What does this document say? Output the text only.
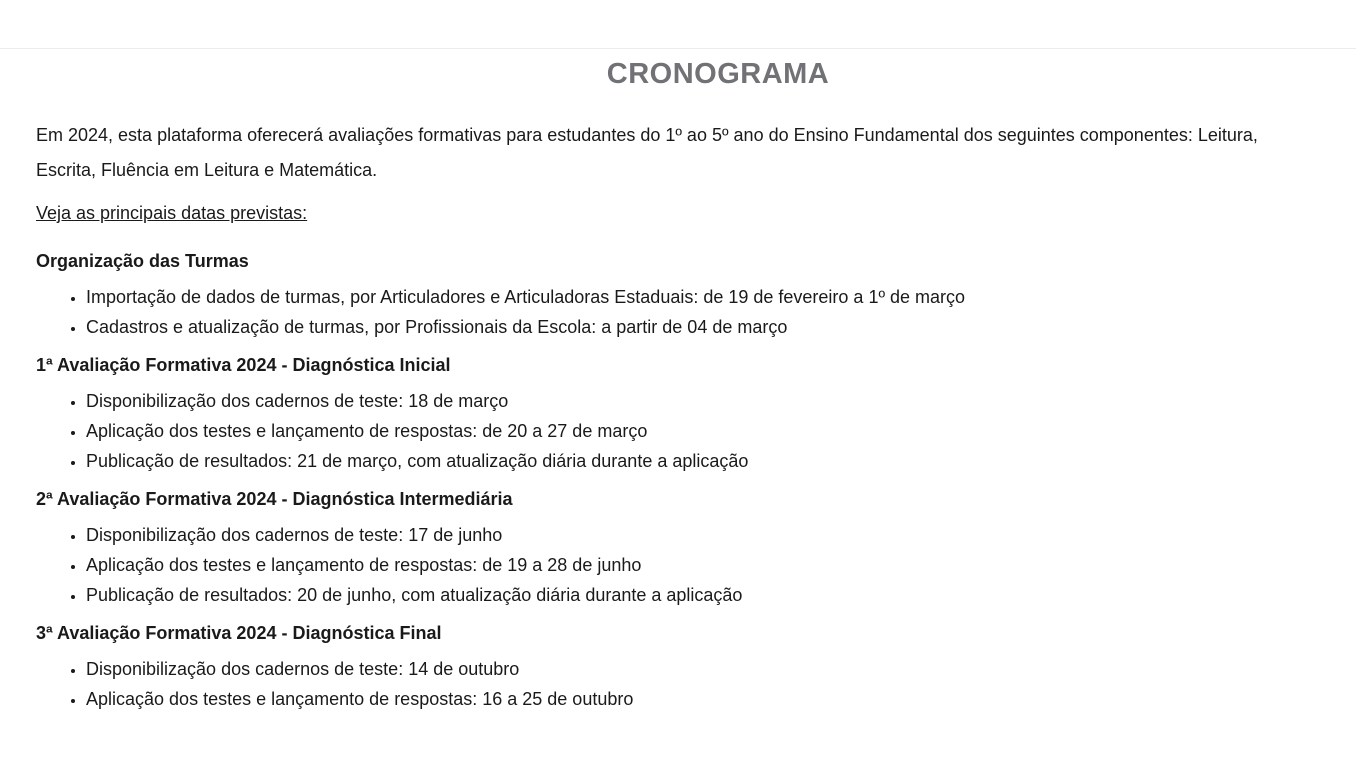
CRONOGRAMA

Em 2024, esta plataforma oferecerá avaliações formativas para estudantes do 1º ao 5º ano do Ensino Fundamental dos seguintes componentes: Leitura,
Escrita, Fluência em Leitura e Matemática.

Veja as principais datas previstas:

Organização das Turmas
• Importação de dados de turmas, por Articuladores e Articuladoras Estaduais: de 19 de fevereiro a 1º de março
• Cadastros e atualização de turmas, por Profissionais da Escola: a partir de 04 de março
1ª Avaliação Formativa 2024 - Diagnóstica Inicial
• Disponibilização dos cadernos de teste: 18 de março
• Aplicação dos testes e lançamento de respostas: de 20 a 27 de março
• Publicação de resultados: 21 de março, com atualização diária durante a aplicação
2ª Avaliação Formativa 2024 - Diagnóstica Intermediária
• Disponibilização dos cadernos de teste: 17 de junho
• Aplicação dos testes e lançamento de respostas: de 19 a 28 de junho
• Publicação de resultados: 20 de junho, com atualização diária durante a aplicação
3ª Avaliação Formativa 2024 - Diagnóstica Final
• Disponibilização dos cadernos de teste: 14 de outubro
• Aplicação dos testes e lançamento de respostas: 16 a 25 de outubro
